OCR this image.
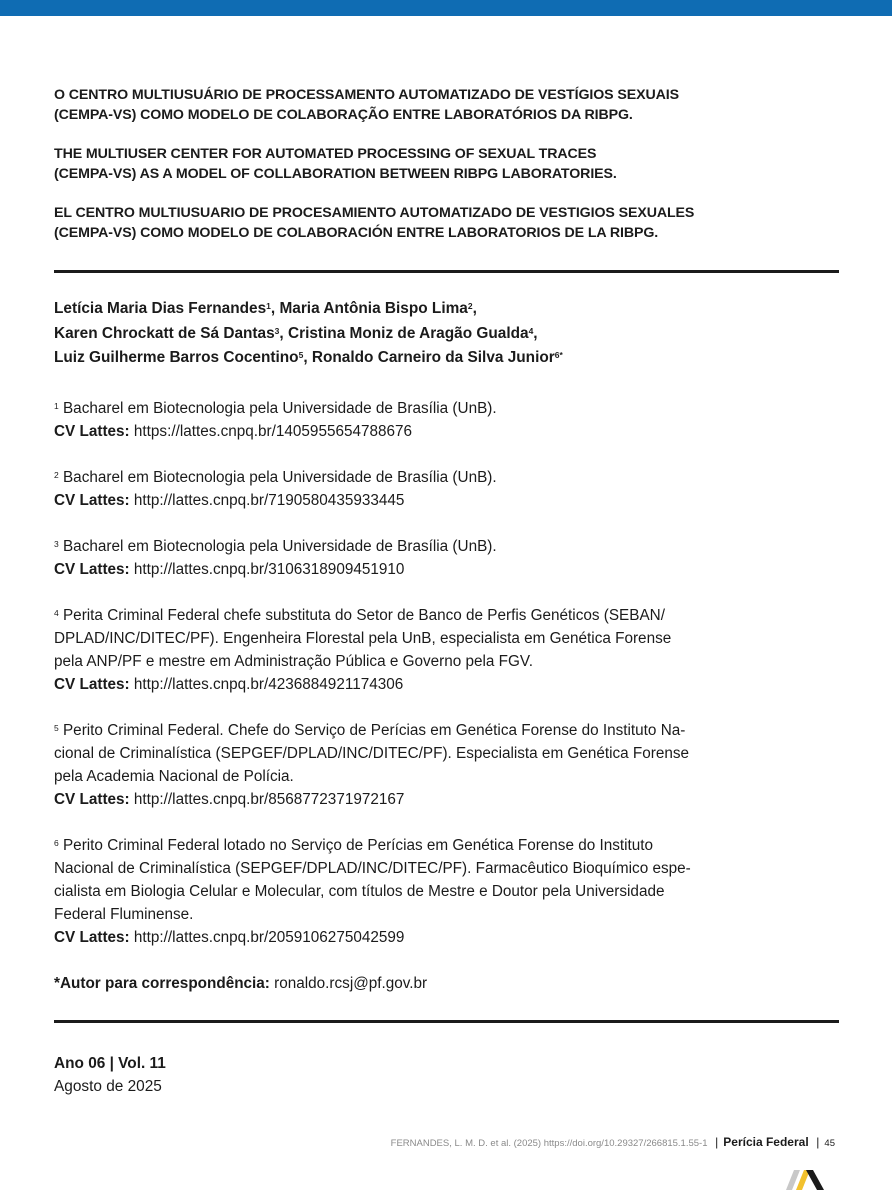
O CENTRO MULTIUSUÁRIO DE PROCESSAMENTO AUTOMATIZADO DE VESTÍGIOS SEXUAIS
(CEMPA-VS) COMO MODELO DE COLABORAÇÃO ENTRE LABORATÓRIOS DA RIBPG.
THE MULTIUSER CENTER FOR AUTOMATED PROCESSING OF SEXUAL TRACES
(CEMPA-VS) AS A MODEL OF COLLABORATION BETWEEN RIBPG LABORATORIES.
EL CENTRO MULTIUSUARIO DE PROCESAMIENTO AUTOMATIZADO DE VESTIGIOS SEXUALES
(CEMPA-VS) COMO MODELO DE COLABORACIÓN ENTRE LABORATORIOS DE LA RIBPG.
Letícia Maria Dias Fernandes$^1$, Maria Antônia Bispo Lima$^2$,
Karen Chrockatt de Sá Dantas$^3$, Cristina Moniz de Aragão Gualda$^4$,
Luiz Guilherme Barros Cocentino$^5$, Ronaldo Carneiro da Silva Junior$^{6*}$
$^1$ Bacharel em Biotecnologia pela Universidade de Brasília (UnB).
CV Lattes: https://lattes.cnpq.br/1405955654788676
$^2$ Bacharel em Biotecnologia pela Universidade de Brasília (UnB).
CV Lattes: http://lattes.cnpq.br/7190580435933445
$^3$ Bacharel em Biotecnologia pela Universidade de Brasília (UnB).
CV Lattes: http://lattes.cnpq.br/3106318909451910
$^4$ Perita Criminal Federal chefe substituta do Setor de Banco de Perfis Genéticos (SEBAN/
DPLAD/INC/DITEC/PF). Engenheira Florestal pela UnB, especialista em Genética Forense
pela ANP/PF e mestre em Administração Pública e Governo pela FGV.
CV Lattes: http://lattes.cnpq.br/4236884921174306
$^5$ Perito Criminal Federal. Chefe do Serviço de Perícias em Genética Forense do Instituto Na-
cional de Criminalística (SEPGEF/DPLAD/INC/DITEC/PF). Especialista em Genética Forense
pela Academia Nacional de Polícia.
CV Lattes: http://lattes.cnpq.br/8568772371972167
$^6$ Perito Criminal Federal lotado no Serviço de Perícias em Genética Forense do Instituto
Nacional de Criminalística (SEPGEF/DPLAD/INC/DITEC/PF). Farmacêutico Bioquímico espe-
cialista em Biologia Celular e Molecular, com títulos de Mestre e Doutor pela Universidade
Federal Fluminense.
CV Lattes: http://lattes.cnpq.br/2059106275042599
*Autor para correspondência: ronaldo.rcsj@pf.gov.br
Ano 06 | Vol. 11
Agosto de 2025
FERNANDES, L. M. D. et al. (2025) https://doi.org/10.29327/266815.1.55-1 | Perícia Federal | 45
